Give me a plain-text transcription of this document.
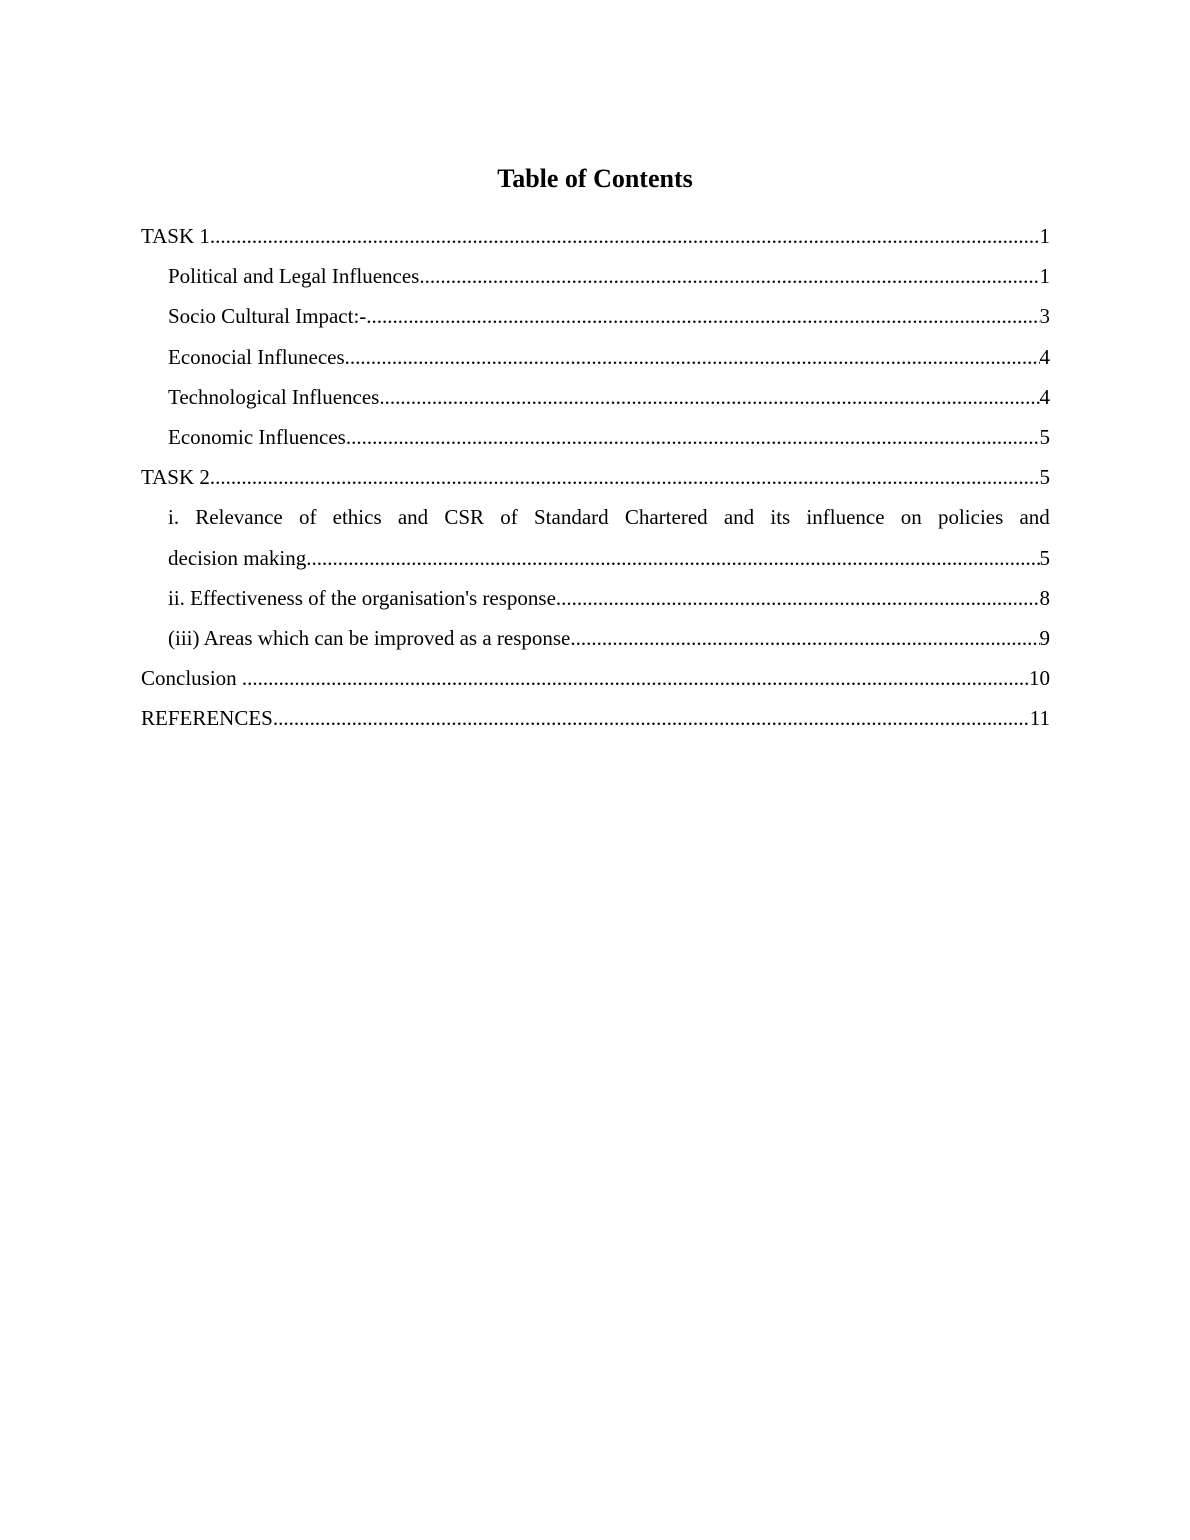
Table of Contents
TASK 1 .....	1
Political and Legal Influences .....	1
Socio Cultural Impact:- .....	3
Econocial Influneces .....	4
Technological Influences .....	4
Economic Influences .....	5
TASK 2 .....	5
i. Relevance of ethics and CSR of Standard Chartered and its influence on policies and
decision making .....	5
ii. Effectiveness of the organisation's response .....	8
(iii) Areas which can be improved as a response .....	9
Conclusion .....	10
REFERENCES .....	11
